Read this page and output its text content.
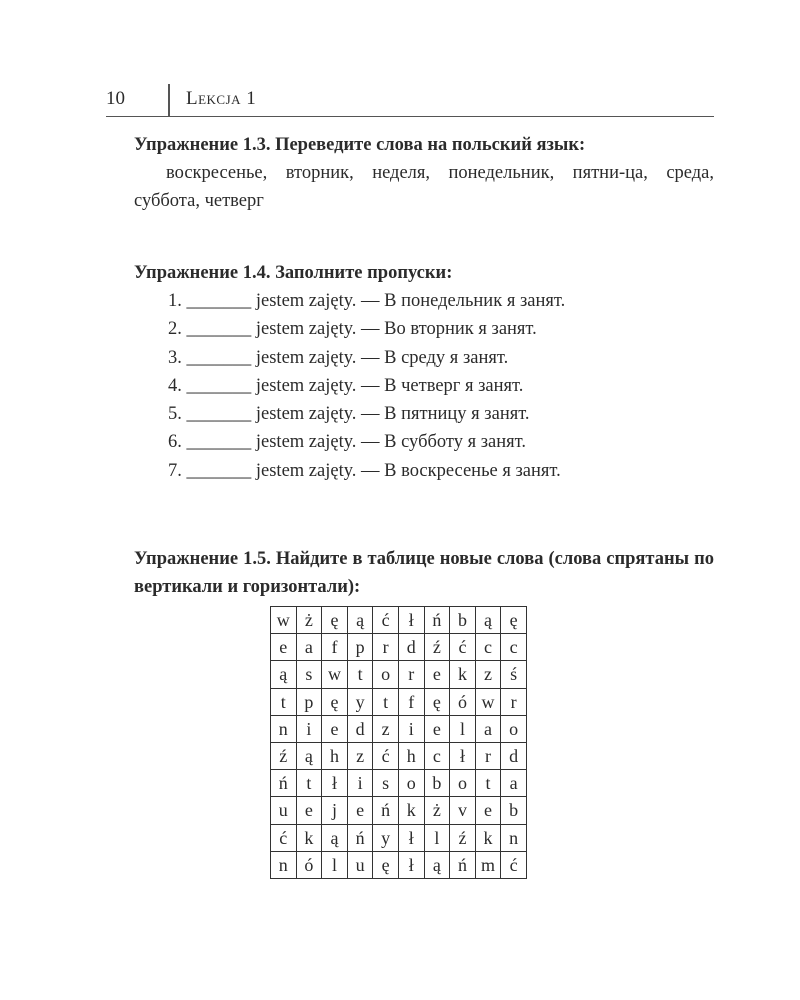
10	Lekcja 1
Упражнение 1.3. Переведите слова на польский язык:
воскресенье, вторник, неделя, понедельник, пятни-ца, среда, суббота, четверг
Упражнение 1.4. Заполните пропуски:
1. _______ jestem zajęty. — В понедельник я занят.
2. _______ jestem zajęty. — Во вторник я занят.
3. _______ jestem zajęty. — В среду я занят.
4. _______ jestem zajęty. — В четверг я занят.
5. _______ jestem zajęty. — В пятницу я занят.
6. _______ jestem zajęty. — В субботу я занят.
7. _______ jestem zajęty. — В воскресенье я занят.
Упражнение 1.5. Найдите в таблице новые слова (слова спрятаны по вертикали и горизонтали):
w	ż	ę	ą	ć	ł	ń	b	ą	ę
e	a	f	p	r	d	ź	ć	c	c
ą	s	w	t	o	r	e	k	z	ś
t	p	ę	y	t	f	ę	ó	w	r
n	i	e	d	z	i	e	l	a	o
ź	ą	h	z	ć	h	c	ł	r	d
ń	t	ł	i	s	o	b	o	t	a
u	e	j	e	ń	k	ż	v	e	b
ć	k	ą	ń	y	ł	l	ź	k	n
n	ó	l	u	ę	ł	ą	ń	m	ć
